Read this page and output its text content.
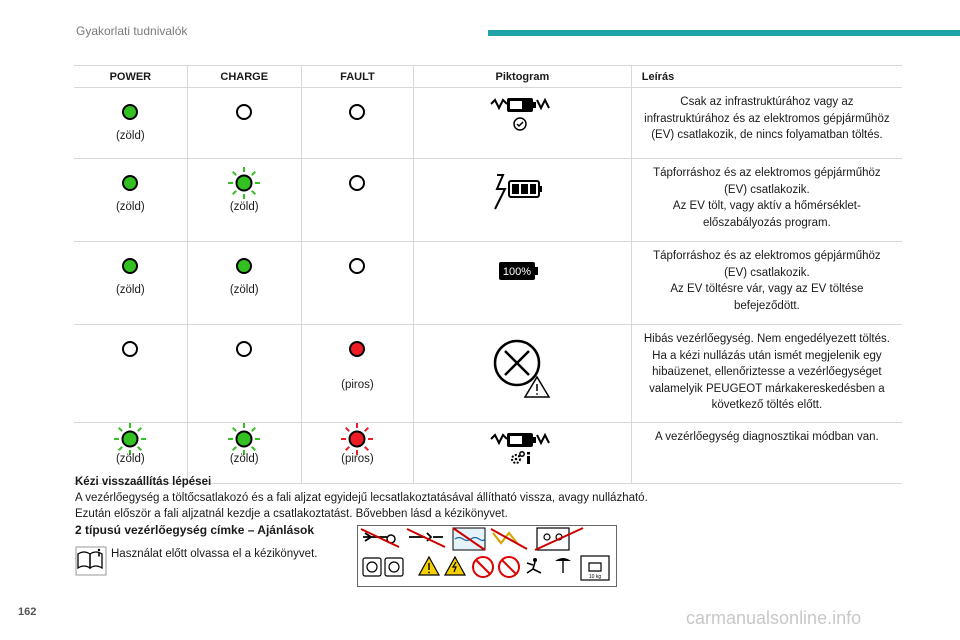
Gyakorlati tudnivalók
POWER	CHARGE	FAULT	Piktogram	Leírás

(zöld)				Csak az infrastruktúrához vagy az infrastruktúrához és az elektromos gépjárműhöz (EV) csatlakozik, de nincs folyamatban töltés.

(zöld)	(zöld)			Tápforráshoz és az elektromos gépjárműhöz (EV) csatlakozik.
Az EV tölt, vagy aktív a hőmérséklet-előszabályozás program.

(zöld)	(zöld)		100%	Tápforráshoz és az elektromos gépjárműhöz (EV) csatlakozik.
Az EV töltésre vár, vagy az EV töltése befejeződött.

		(piros)		Hibás vezérlőegység. Nem engedélyezett töltés. Ha a kézi nullázás után ismét megjelenik egy hibaüzenet, ellenőriztesse a vezérlőegységet valamelyik PEUGEOT márkakereskedésben a következő töltés előtt.

(zöld)	(zöld)	(piros)		A vezérlőegység diagnosztikai módban van.
Kézi visszaállítás lépései
A vezérlőegység a töltőcsatlakozó és a fali aljzat egyidejű lecsatlakoztatásával állítható vissza, avagy nullázható.
Ezután először a fali aljzatnál kezdje a csatlakoztatást. Bővebben lásd a kézikönyvet.
2 típusú vezérlőegység címke – Ajánlások
Használat előtt olvassa el a kézikönyvet.
10 kg
162	carmanualsonline.info
